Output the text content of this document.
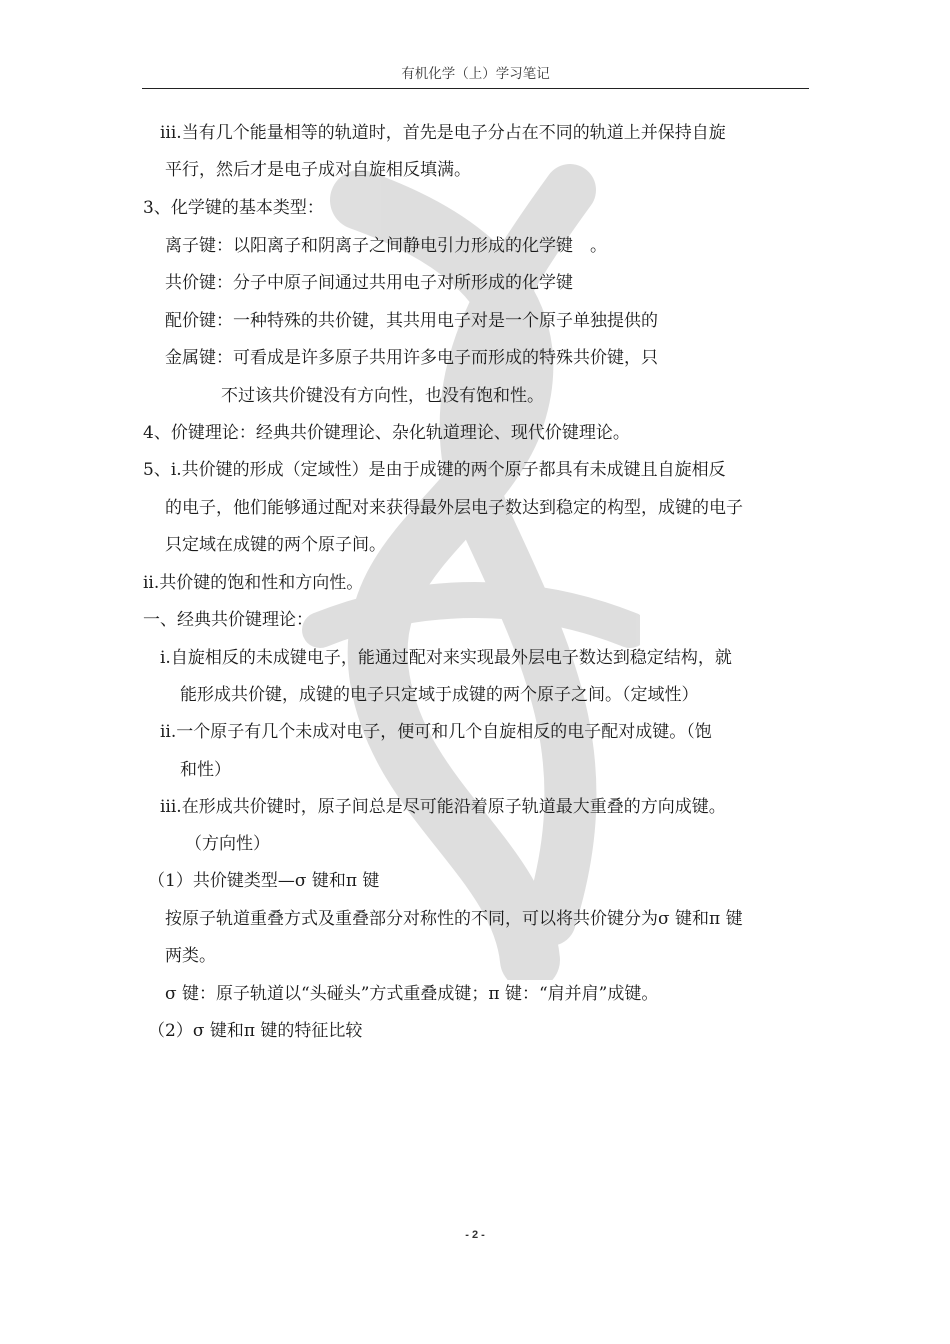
有机化学（上）学习笔记
iii.当有几个能量相等的轨道时，首先是电子分占在不同的轨道上并保持自旋
平行，然后才是电子成对自旋相反填满。
3、化学键的基本类型：
离子键：以阳离子和阴离子之间静电引力形成的化学键　。
共价键：分子中原子间通过共用电子对所形成的化学键
配价键：一种特殊的共价键，其共用电子对是一个原子单独提供的
金属键：可看成是许多原子共用许多电子而形成的特殊共价键，只
不过该共价键没有方向性，也没有饱和性。
4、价键理论：经典共价键理论、杂化轨道理论、现代价键理论。
5、i.共价键的形成（定域性）是由于成键的两个原子都具有未成键且自旋相反
的电子，他们能够通过配对来获得最外层电子数达到稳定的构型，成键的电子
只定域在成键的两个原子间。
ii.共价键的饱和性和方向性。
一、经典共价键理论：
i.自旋相反的未成键电子，能通过配对来实现最外层电子数达到稳定结构，就
能形成共价键，成键的电子只定域于成键的两个原子之间。（定域性）
ii.一个原子有几个未成对电子，便可和几个自旋相反的电子配对成键。（饱
和性）
iii.在形成共价键时，原子间总是尽可能沿着原子轨道最大重叠的方向成键。
（方向性）
（1）共价键类型—σ 键和π 键
按原子轨道重叠方式及重叠部分对称性的不同，可以将共价键分为σ 键和π 键
两类。
σ 键：原子轨道以“头碰头”方式重叠成键；π 键：“肩并肩”成键。
（2）σ 键和π 键的特征比较
- 2 -
